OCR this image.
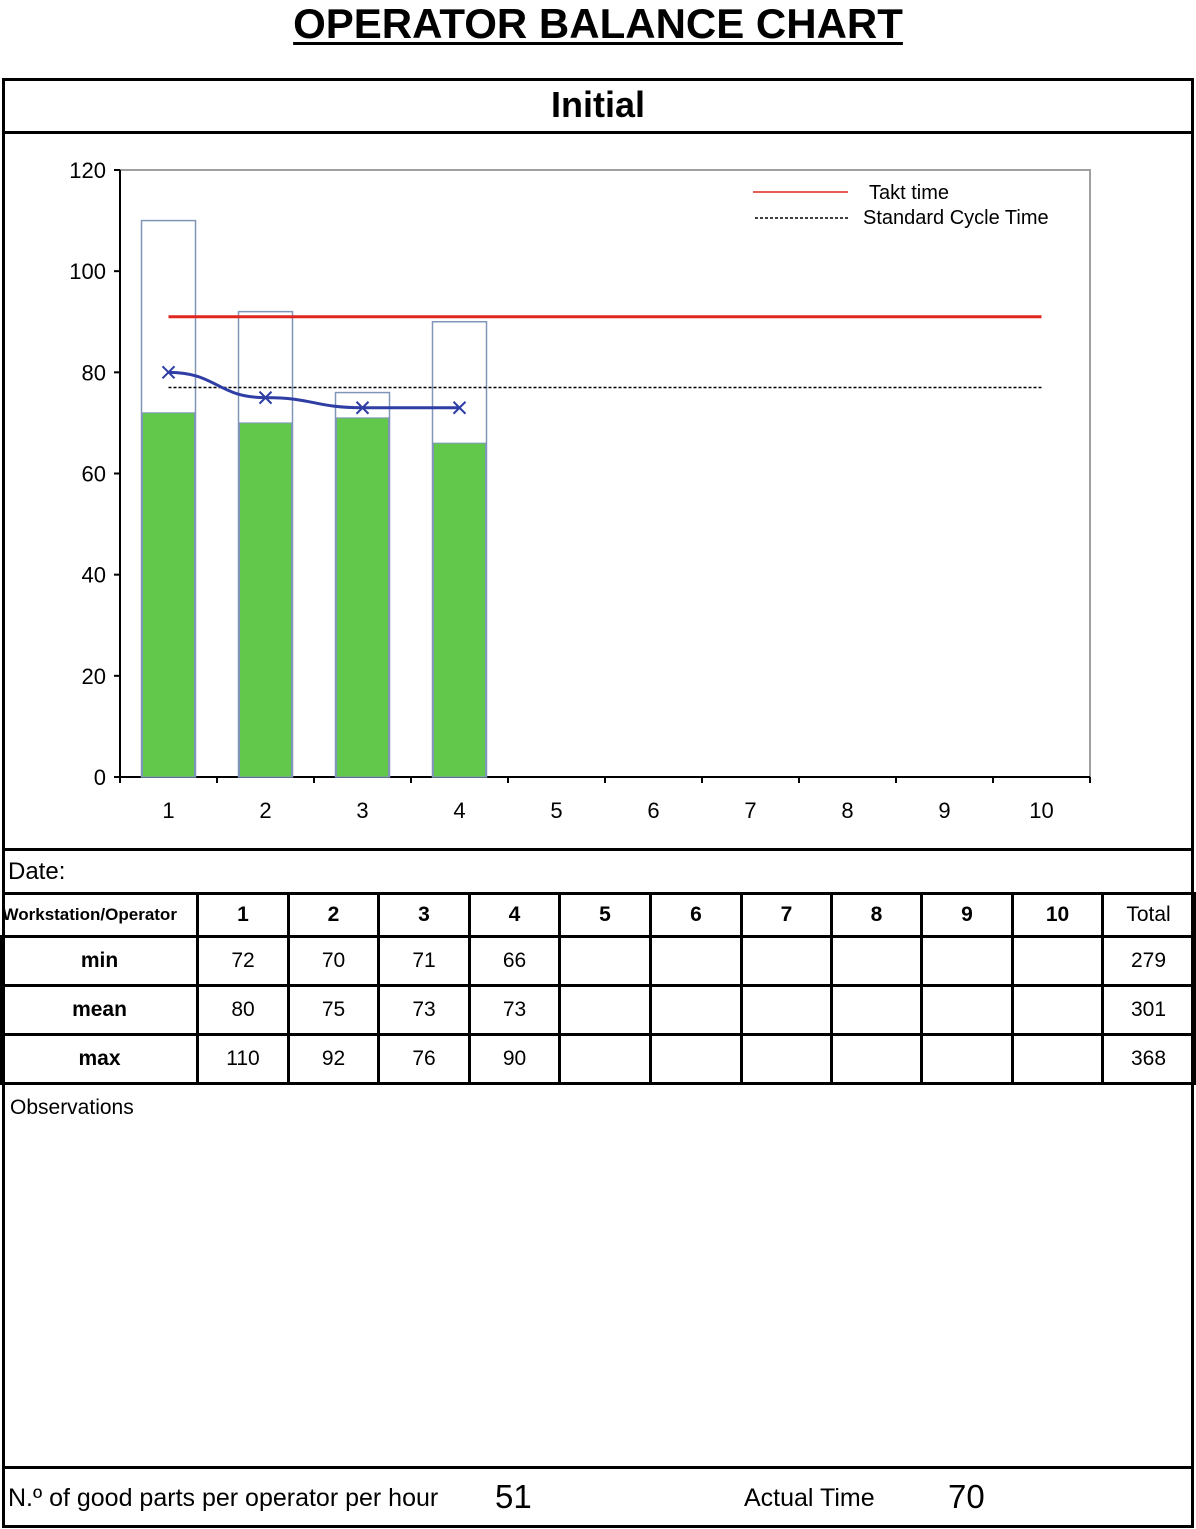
OPERATOR BALANCE CHART
Initial
0
20
40
60
80
100
120
1	2	3	4	5	6	7	8	9	10
Takt time
Standard Cycle Time
Date:
Workstation/Operator	1	2	3	4	5	6	7	8	9	10	Total
min	72	70	71	66							279
mean	80	75	73	73							301
max	110	92	76	90							368
Observations
N.º of good parts per operator per hour 51	Actual Time 70
